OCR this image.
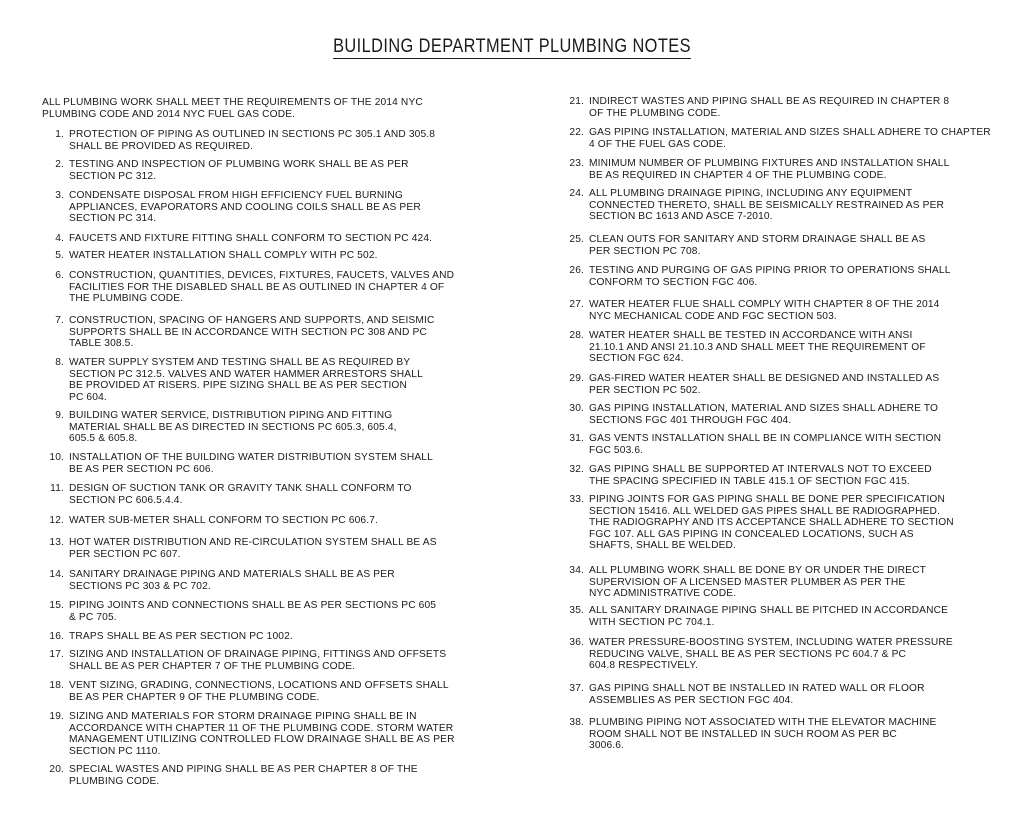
BUILDING DEPARTMENT PLUMBING NOTES
ALL PLUMBING WORK SHALL MEET THE REQUIREMENTS OF THE 2014 NYC
PLUMBING CODE AND 2014 NYC FUEL GAS CODE.
1. PROTECTION OF PIPING AS OUTLINED IN SECTIONS PC 305.1 AND 305.8
SHALL BE PROVIDED AS REQUIRED.
2. TESTING AND INSPECTION OF PLUMBING WORK SHALL BE AS PER
SECTION PC 312.
3. CONDENSATE DISPOSAL FROM HIGH EFFICIENCY FUEL BURNING
APPLIANCES, EVAPORATORS AND COOLING COILS SHALL BE AS PER
SECTION PC 314.
4. FAUCETS AND FIXTURE FITTING SHALL CONFORM TO SECTION PC 424.
5. WATER HEATER INSTALLATION SHALL COMPLY WITH PC 502.
6. CONSTRUCTION, QUANTITIES, DEVICES, FIXTURES, FAUCETS, VALVES AND
FACILITIES FOR THE DISABLED SHALL BE AS OUTLINED IN CHAPTER 4 OF
THE PLUMBING CODE.
7. CONSTRUCTION, SPACING OF HANGERS AND SUPPORTS, AND SEISMIC
SUPPORTS SHALL BE IN ACCORDANCE WITH SECTION PC 308 AND PC
TABLE 308.5.
8. WATER SUPPLY SYSTEM AND TESTING SHALL BE AS REQUIRED BY
SECTION PC 312.5. VALVES AND WATER HAMMER ARRESTORS SHALL
BE PROVIDED AT RISERS. PIPE SIZING SHALL BE AS PER SECTION
PC 604.
9. BUILDING WATER SERVICE, DISTRIBUTION PIPING AND FITTING
MATERIAL SHALL BE AS DIRECTED IN SECTIONS PC 605.3, 605.4,
605.5 & 605.8.
10. INSTALLATION OF THE BUILDING WATER DISTRIBUTION SYSTEM SHALL
BE AS PER SECTION PC 606.
11. DESIGN OF SUCTION TANK OR GRAVITY TANK SHALL CONFORM TO
SECTION PC 606.5.4.4.
12. WATER SUB-METER SHALL CONFORM TO SECTION PC 606.7.
13. HOT WATER DISTRIBUTION AND RE-CIRCULATION SYSTEM SHALL BE AS
PER SECTION PC 607.
14. SANITARY DRAINAGE PIPING AND MATERIALS SHALL BE AS PER
SECTIONS PC 303 & PC 702.
15. PIPING JOINTS AND CONNECTIONS SHALL BE AS PER SECTIONS PC 605
& PC 705.
16. TRAPS SHALL BE AS PER SECTION PC 1002.
17. SIZING AND INSTALLATION OF DRAINAGE PIPING, FITTINGS AND OFFSETS
SHALL BE AS PER CHAPTER 7 OF THE PLUMBING CODE.
18. VENT SIZING, GRADING, CONNECTIONS, LOCATIONS AND OFFSETS SHALL
BE AS PER CHAPTER 9 OF THE PLUMBING CODE.
19. SIZING AND MATERIALS FOR STORM DRAINAGE PIPING SHALL BE IN
ACCORDANCE WITH CHAPTER 11 OF THE PLUMBING CODE. STORM WATER
MANAGEMENT UTILIZING CONTROLLED FLOW DRAINAGE SHALL BE AS PER
SECTION PC 1110.
20. SPECIAL WASTES AND PIPING SHALL BE AS PER CHAPTER 8 OF THE
PLUMBING CODE.
21. INDIRECT WASTES AND PIPING SHALL BE AS REQUIRED IN CHAPTER 8
OF THE PLUMBING CODE.
22. GAS PIPING INSTALLATION, MATERIAL AND SIZES SHALL ADHERE TO CHAPTER
4 OF THE FUEL GAS CODE.
23. MINIMUM NUMBER OF PLUMBING FIXTURES AND INSTALLATION SHALL
BE AS REQUIRED IN CHAPTER 4 OF THE PLUMBING CODE.
24. ALL PLUMBING DRAINAGE PIPING, INCLUDING ANY EQUIPMENT
CONNECTED THERETO, SHALL BE SEISMICALLY RESTRAINED AS PER
SECTION BC 1613 AND ASCE 7-2010.
25. CLEAN OUTS FOR SANITARY AND STORM DRAINAGE SHALL BE AS
PER SECTION PC 708.
26. TESTING AND PURGING OF GAS PIPING PRIOR TO OPERATIONS SHALL
CONFORM TO SECTION FGC 406.
27. WATER HEATER FLUE SHALL COMPLY WITH CHAPTER 8 OF THE 2014
NYC MECHANICAL CODE AND FGC SECTION 503.
28. WATER HEATER SHALL BE TESTED IN ACCORDANCE WITH ANSI
21.10.1 AND ANSI 21.10.3 AND SHALL MEET THE REQUIREMENT OF
SECTION FGC 624.
29. GAS-FIRED WATER HEATER SHALL BE DESIGNED AND INSTALLED AS
PER SECTION PC 502.
30. GAS PIPING INSTALLATION, MATERIAL AND SIZES SHALL ADHERE TO
SECTIONS FGC 401 THROUGH FGC 404.
31. GAS VENTS INSTALLATION SHALL BE IN COMPLIANCE WITH SECTION
FGC 503.6.
32. GAS PIPING SHALL BE SUPPORTED AT INTERVALS NOT TO EXCEED
THE SPACING SPECIFIED IN TABLE 415.1 OF SECTION FGC 415.
33. PIPING JOINTS FOR GAS PIPING SHALL BE DONE PER SPECIFICATION
SECTION 15416. ALL WELDED GAS PIPES SHALL BE RADIOGRAPHED.
THE RADIOGRAPHY AND ITS ACCEPTANCE SHALL ADHERE TO SECTION
FGC 107. ALL GAS PIPING IN CONCEALED LOCATIONS, SUCH AS
SHAFTS, SHALL BE WELDED.
34. ALL PLUMBING WORK SHALL BE DONE BY OR UNDER THE DIRECT
SUPERVISION OF A LICENSED MASTER PLUMBER AS PER THE
NYC ADMINISTRATIVE CODE.
35. ALL SANITARY DRAINAGE PIPING SHALL BE PITCHED IN ACCORDANCE
WITH SECTION PC 704.1.
36. WATER PRESSURE-BOOSTING SYSTEM, INCLUDING WATER PRESSURE
REDUCING VALVE, SHALL BE AS PER SECTIONS PC 604.7 & PC
604.8 RESPECTIVELY.
37. GAS PIPING SHALL NOT BE INSTALLED IN RATED WALL OR FLOOR
ASSEMBLIES AS PER SECTION FGC 404.
38. PLUMBING PIPING NOT ASSOCIATED WITH THE ELEVATOR MACHINE
ROOM SHALL NOT BE INSTALLED IN SUCH ROOM AS PER BC
3006.6.
